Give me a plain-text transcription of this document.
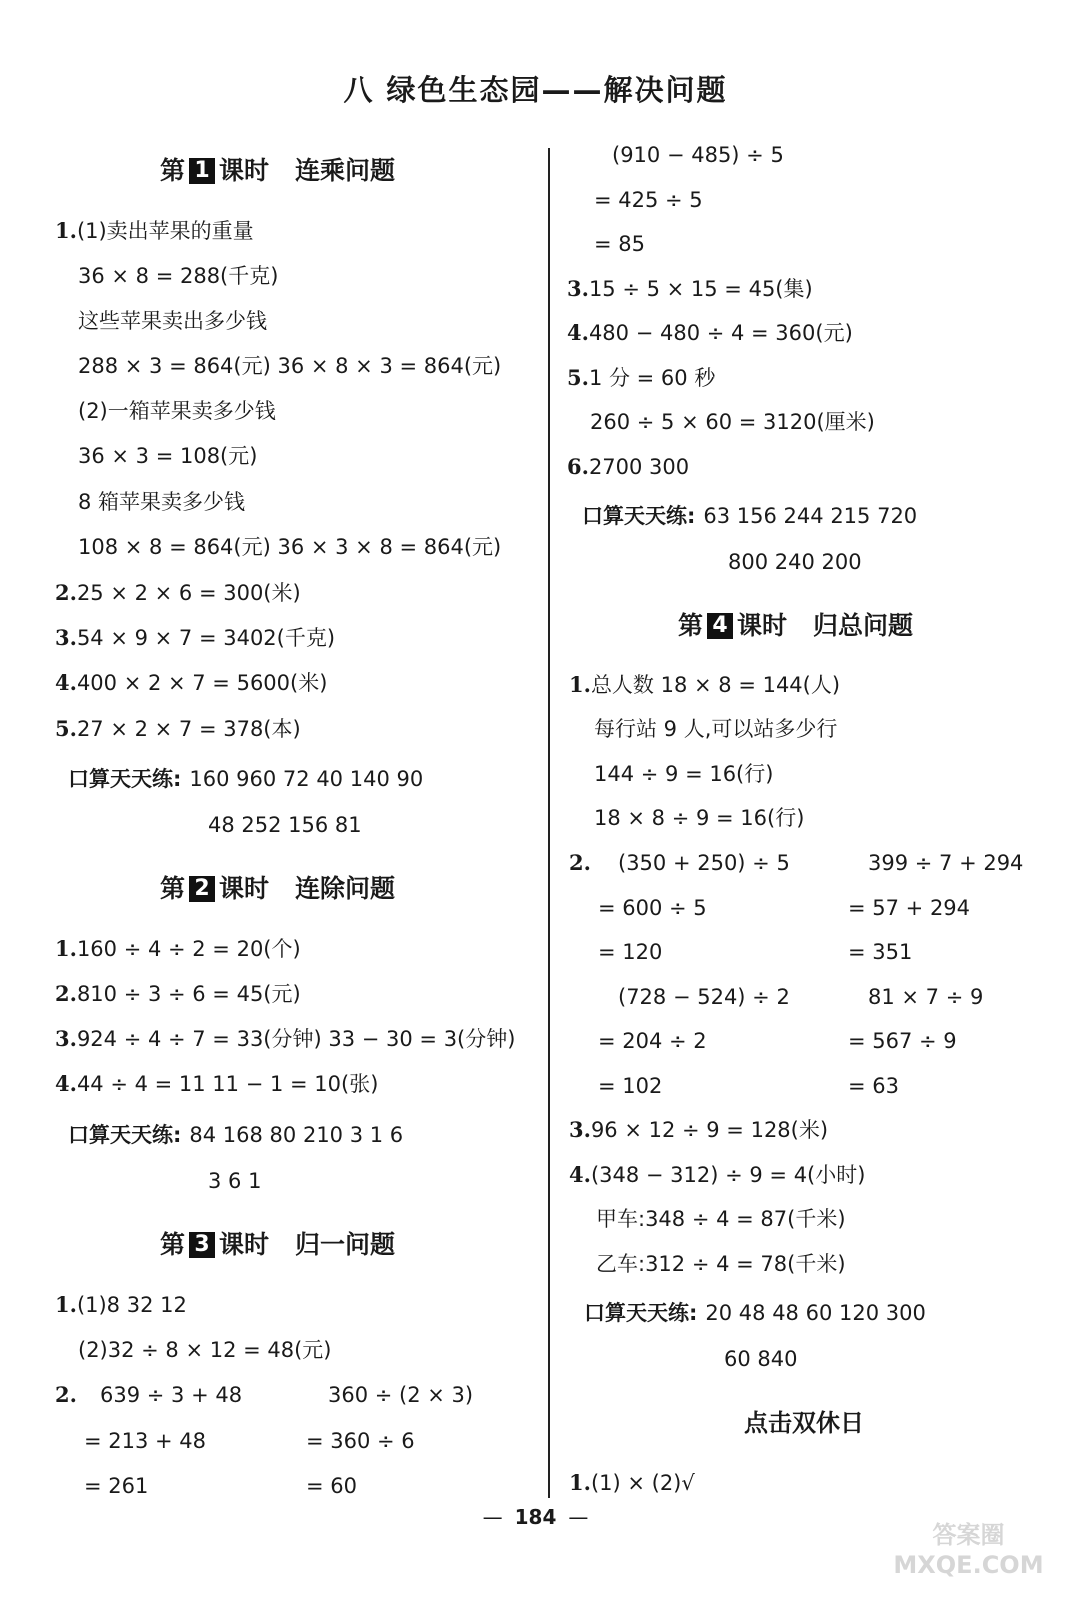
八 绿色生态园——解决问题
第 1 课时 连乘问题
1.(1)卖出苹果的重量
36 × 8 = 288(千克)
这些苹果卖出多少钱
288 × 3 = 864(元) 36 × 8 × 3 = 864(元)
(2)一箱苹果卖多少钱
36 × 3 = 108(元)
8 箱苹果卖多少钱
108 × 8 = 864(元) 36 × 3 × 8 = 864(元)
2.25 × 2 × 6 = 300(米)
3.54 × 9 × 7 = 3402(千克)
4.400 × 2 × 7 = 5600(米)
5.27 × 2 × 7 = 378(本)
口算天天练: 160 960 72 40 140 90
48 252 156 81
第 2 课时 连除问题
1.160 ÷ 4 ÷ 2 = 20(个)
2.810 ÷ 3 ÷ 6 = 45(元)
3.924 ÷ 4 ÷ 7 = 33(分钟) 33 − 30 = 3(分钟)
4.44 ÷ 4 = 11 11 − 1 = 10(张)
口算天天练: 84 168 80 210 3 1 6
3 6 1
第 3 课时 归一问题
1.(1)8 32 12
(2)32 ÷ 8 × 12 = 48(元)
2. 639 ÷ 3 + 48
= 213 + 48
= 261
360 ÷ (2 × 3)
= 360 ÷ 6
= 60
(910 − 485) ÷ 5
= 425 ÷ 5
= 85
3.15 ÷ 5 × 15 = 45(集)
4.480 − 480 ÷ 4 = 360(元)
5.1 分 = 60 秒
260 ÷ 5 × 60 = 3120(厘米)
6.2700 300
口算天天练: 63 156 244 215 720
800 240 200
第 4 课时 归总问题
1.总人数 18 × 8 = 144(人)
每行站 9 人,可以站多少行
144 ÷ 9 = 16(行)
18 × 8 ÷ 9 = 16(行)
2. (350 + 250) ÷ 5
= 600 ÷ 5
= 120
(728 − 524) ÷ 2
= 204 ÷ 2
= 102
399 ÷ 7 + 294
= 57 + 294
= 351
81 × 7 ÷ 9
= 567 ÷ 9
= 63
3.96 × 12 ÷ 9 = 128(米)
4.(348 − 312) ÷ 9 = 4(小时)
甲车:348 ÷ 4 = 87(千米)
乙车:312 ÷ 4 = 78(千米)
口算天天练: 20 48 48 60 120 300
60 840
点击双休日
1.(1) × (2)√
— 184 —
答案圈
MXQE.COM
